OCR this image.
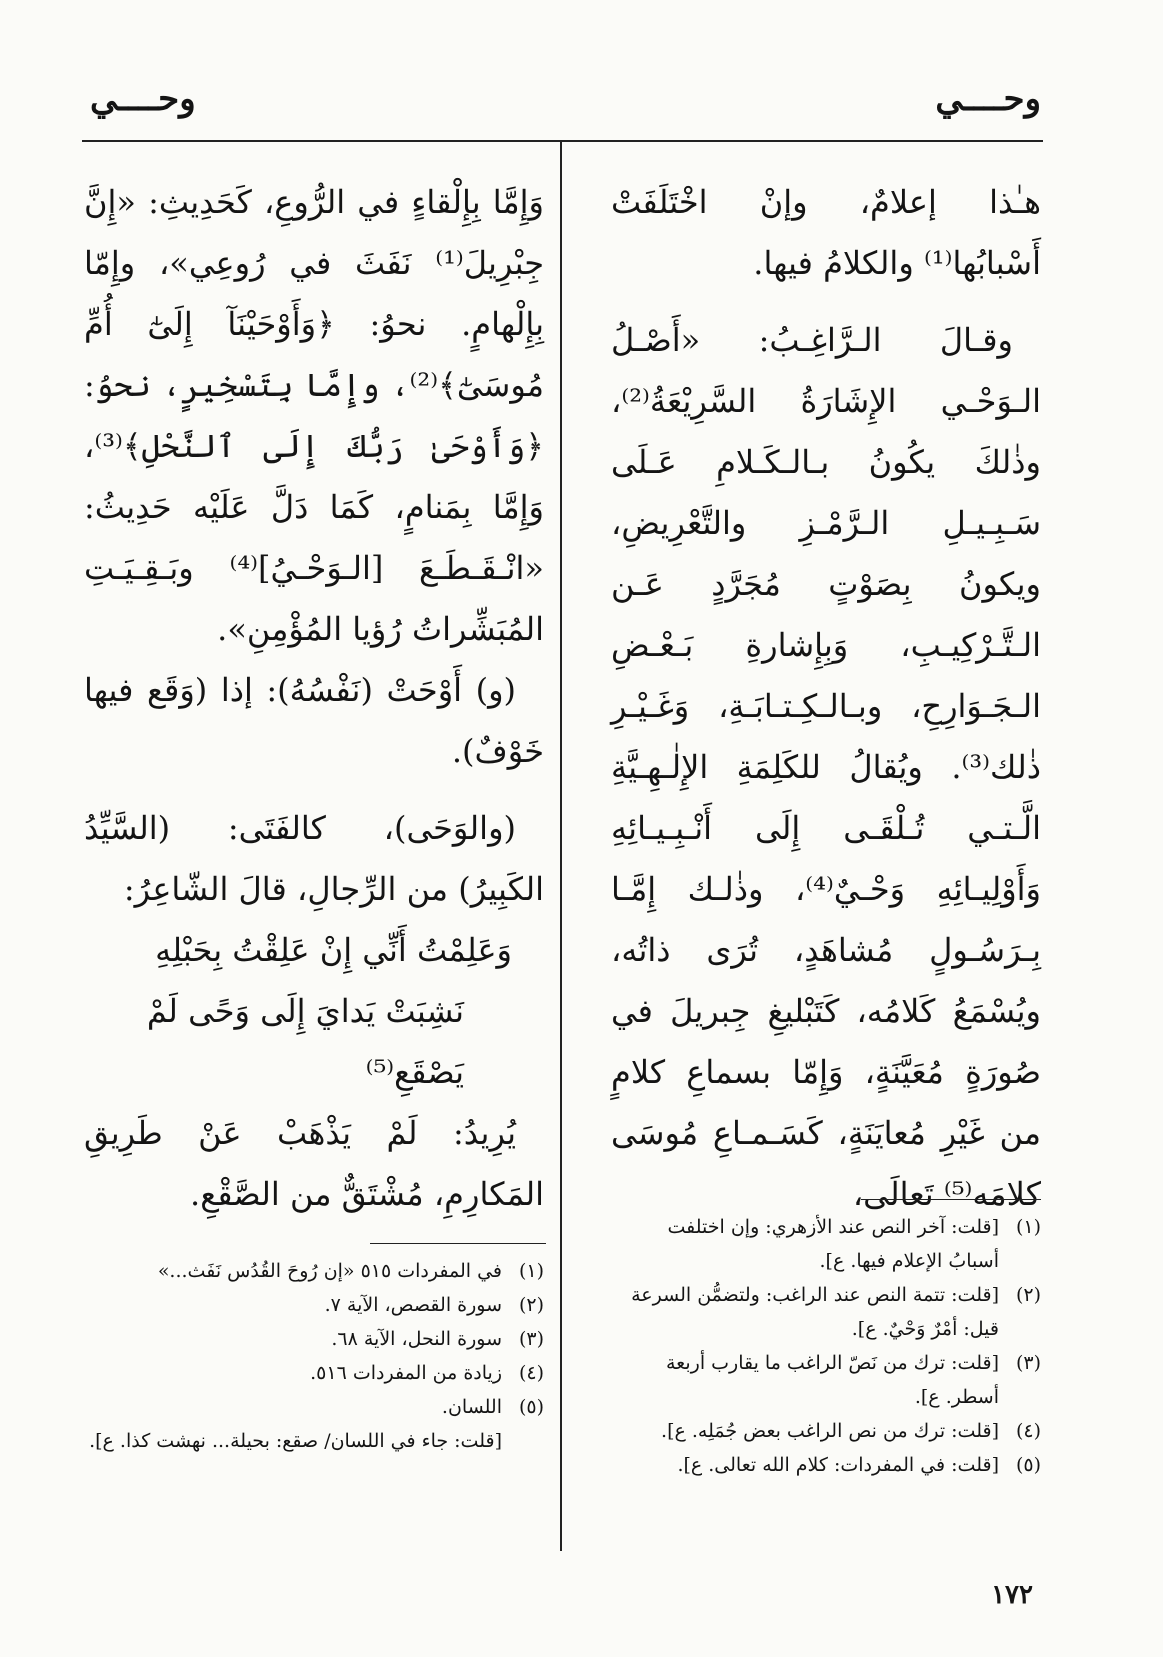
وحــــي
وحــــي

هـٰذا إعلامٌ، وإنْ اخْتَلَفَتْ أَسْبابُها⁽¹⁾ والكلامُ فيها.

وقـالَ الـرَّاغِـبُ: «أَصْـلُ الـوَحْـي الإِشَارَةُ السَّرِيْعَةُ⁽²⁾، وذٰلكَ يكُونُ بـالـكَـلامِ عَـلَى سَـبِـيـلِ الـرَّمْـزِ والتَّعْرِيضِ، ويكونُ بِصَوْتٍ مُجَرَّدٍ عَـن الـتَّـرْكِيـبِ، وَبِإِشارةِ بَـعْـضِ الـجَـوَارِحِ، وبـالـكِـتـابَـةِ، وَغَـيْـرِ ذٰلك⁽³⁾. ويُقالُ للكَلِمَةِ الإِلٰـهِـيَّةِ الَّـتـي تُـلْقَـى إِلَى أَنْـبِـيـائِهِ وَأَوْلِيـائِهِ وَحْـيٌ⁽⁴⁾، وذٰلـك إِمَّـا بِـرَسُـولٍ مُشاهَدٍ، تُرَى ذاتُه، ويُسْمَعُ كَلامُه، كَتَبْليغِ جِبريلَ في صُورَةٍ مُعَيَّنَةٍ، وَإِمّا بسماعِ كلامٍ من غَيْرِ مُعايَنَةٍ، كَسَـمـاعِ مُوسَى كلامَه⁽⁵⁾ تَعالَى،

وَإِمَّا بِإِلْقاءٍ في الرُّوعِ، كَحَدِيثِ: «إِنَّ جِبْرِيلَ⁽¹⁾ نَفَثَ في رُوعِي»، وإِمّا بِإِلْهامٍ. نحوُ: ﴿وَأَوْحَيْنَآ إِلَىٰٓ أُمِّ مُوسَىٰٓ﴾⁽²⁾، وإِمَّا بِتَسْخِيرٍ، نحوُ: ﴿وَأَوْحَىٰ رَبُّكَ إِلَى ٱلنَّحْلِ﴾⁽³⁾، وَإِمَّا بِمَنامٍ، كَمَا دَلَّ عَلَيْه حَدِيثُ: «انْـقَـطَـعَ [الـوَحْـيُ]⁽⁴⁾ وبَـقِـيَـتِ المُبَشِّراتُ رُؤيا المُؤْمِنِ».

(و) أَوْحَتْ (نَفْسُهُ): إذا (وَقَع فيها خَوْفٌ).

(والوَحَى)، كالفَتَى: (السَّيِّدُ الكَبِيرُ) من الرِّجالِ، قالَ الشّاعِرُ:

وَعَلِمْتُ أَنِّي إِنْ عَلِقْتُ بِحَبْلِهِ

نَشِبَتْ يَدايَ إِلَى وَحًى لَمْ يَصْقَعِ⁽⁵⁾

يُرِيدُ: لَمْ يَذْهَبْ عَنْ طَرِيقِ المَكارِمِ، مُشْتَقٌّ من الصَّقْعِ.

(١)
[قلت: آخر النص عند الأزهري: وإن اختلفت أسبابُ الإعلام فيها. ع].

(٢)
[قلت: تتمة النص عند الراغب: ولتضمُّن السرعة قيل: أمْرٌ وَحْيٌ. ع].

(٣)
[قلت: ترك من نَصّ الراغب ما يقارب أربعة أسطر. ع].

(٤)
[قلت: ترك من نص الراغب بعض جُمَلِه. ع].

(٥)
[قلت: في المفردات: كلام الله تعالى. ع].

(١)
في المفردات ٥١٥ «إن رُوحَ القُدُس نَفَث...»

(٢)
سورة القصص، الآية ٧.

(٣)
سورة النحل، الآية ٦٨.

(٤)
زيادة من المفردات ٥١٦.

(٥)
اللسان.

[قلت: جاء في اللسان/ صقع: بحيلة... نهشت كذا. ع].

١٧٢
